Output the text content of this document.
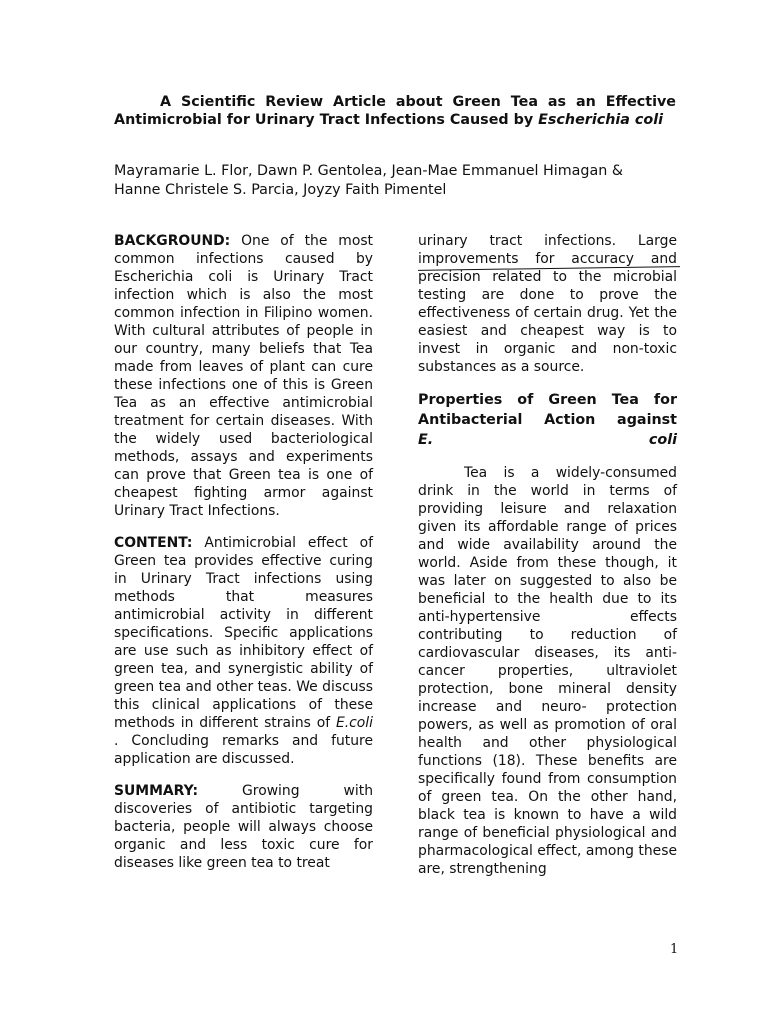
A Scientific Review Article about Green Tea as an Effective Antimicrobial for Urinary Tract Infections Caused by Escherichia coli

Mayramarie L. Flor, Dawn P. Gentolea, Jean-Mae Emmanuel Himagan &
Hanne Christele S. Parcia, Joyzy Faith Pimentel

BACKGROUND: One of the most common infections caused by Escherichia coli is Urinary Tract infection which is also the most common infection in Filipino women. With cultural attributes of people in our country, many beliefs that Tea made from leaves of plant can cure these infections one of this is Green Tea as an effective antimicrobial treatment for certain diseases. With the widely used bacteriological methods, assays and experiments can prove that Green tea is one of cheapest fighting armor against Urinary Tract Infections.

CONTENT: Antimicrobial effect of Green tea provides effective curing in Urinary Tract infections using methods that measures antimicrobial activity in different specifications. Specific applications are use such as inhibitory effect of green tea, and synergistic ability of green tea and other teas. We discuss this clinical applications of these methods in different strains of E.coli . Concluding remarks and future application are discussed.

SUMMARY: Growing with discoveries of antibiotic targeting bacteria, people will always choose organic and less toxic cure for diseases like green tea to treat

urinary tract infections. Large improvements for accuracy and precision related to the microbial testing are done to prove the effectiveness of certain drug. Yet the easiest and cheapest way is to invest in organic and non-toxic substances as a source.

Properties of Green Tea for Antibacterial Action against
E. coli

Tea is a widely-consumed drink in the world in terms of providing leisure and relaxation given its affordable range of prices and wide availability around the world. Aside from these though, it was later on suggested to also be beneficial to the health due to its anti-hypertensive effects contributing to reduction of cardiovascular diseases, its anti- cancer properties, ultraviolet protection, bone mineral density increase and neuro- protection powers, as well as promotion of oral health and other physiological functions (18). These benefits are specifically found from consumption of green tea. On the other hand, black tea is known to have a wild range of beneficial physiological and pharmacological effect, among these are, strengthening

1
